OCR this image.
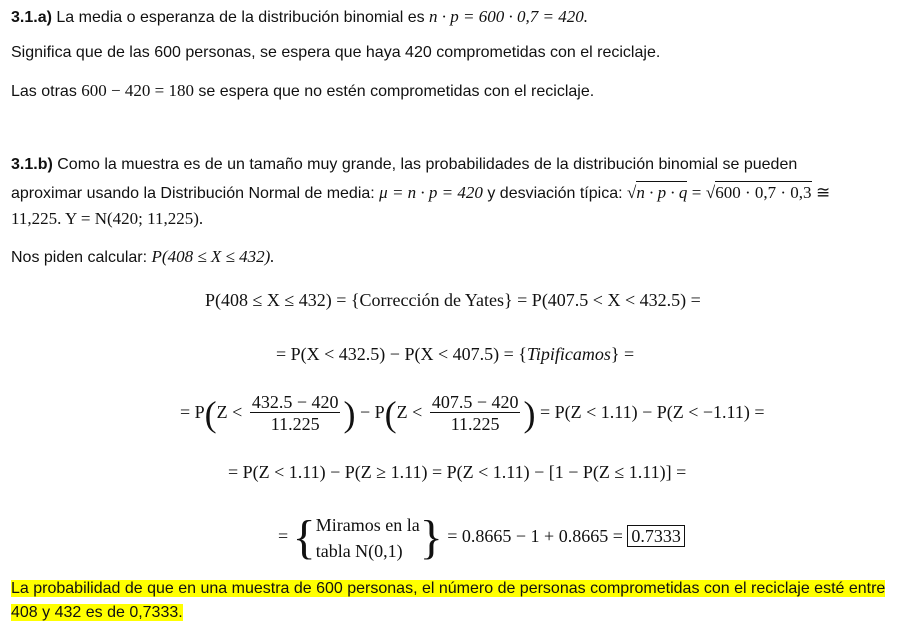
3.1.a) La media o esperanza de la distribución binomial es n · p = 600 · 0,7 = 420.
Significa que de las 600 personas, se espera que haya 420 comprometidas con el reciclaje.
Las otras 600 − 420 = 180 se espera que no estén comprometidas con el reciclaje.
3.1.b) Como la muestra es de un tamaño muy grande, las probabilidades de la distribución binomial se pueden
aproximar usando la Distribución Normal de media: μ = n · p = 420 y desviación típica: √n · p · q = √600 · 0,7 · 0,3 ≅
11,225. Y = N(420; 11,225).
Nos piden calcular: P(408 ≤ X ≤ 432).
P(408 ≤ X ≤ 432) = {Corrección de Yates} = P(407.5 < X < 432.5) =
= P(X < 432.5) − P(X < 407.5) = {Tipificamos} =
= $P(Z < \frac{432.5 - 420}{11.225}$ ) − $P(Z < \frac{407.5 - 420}{11.225}$ ) = P(Z < 1.11) − P(Z < −1.11) =
= P(Z < 1.11) − P(Z ≥ 1.11) = P(Z < 1.11) − [1 − P(Z ≤ 1.11)] =
= { Miramos en la
tabla N(0,1) } = 0.8665 − 1 + 0.8665 = 0.7333
La probabilidad de que en una muestra de 600 personas, el número de personas comprometidas con el reciclaje esté entre 408 y 432 es de 0,7333.
